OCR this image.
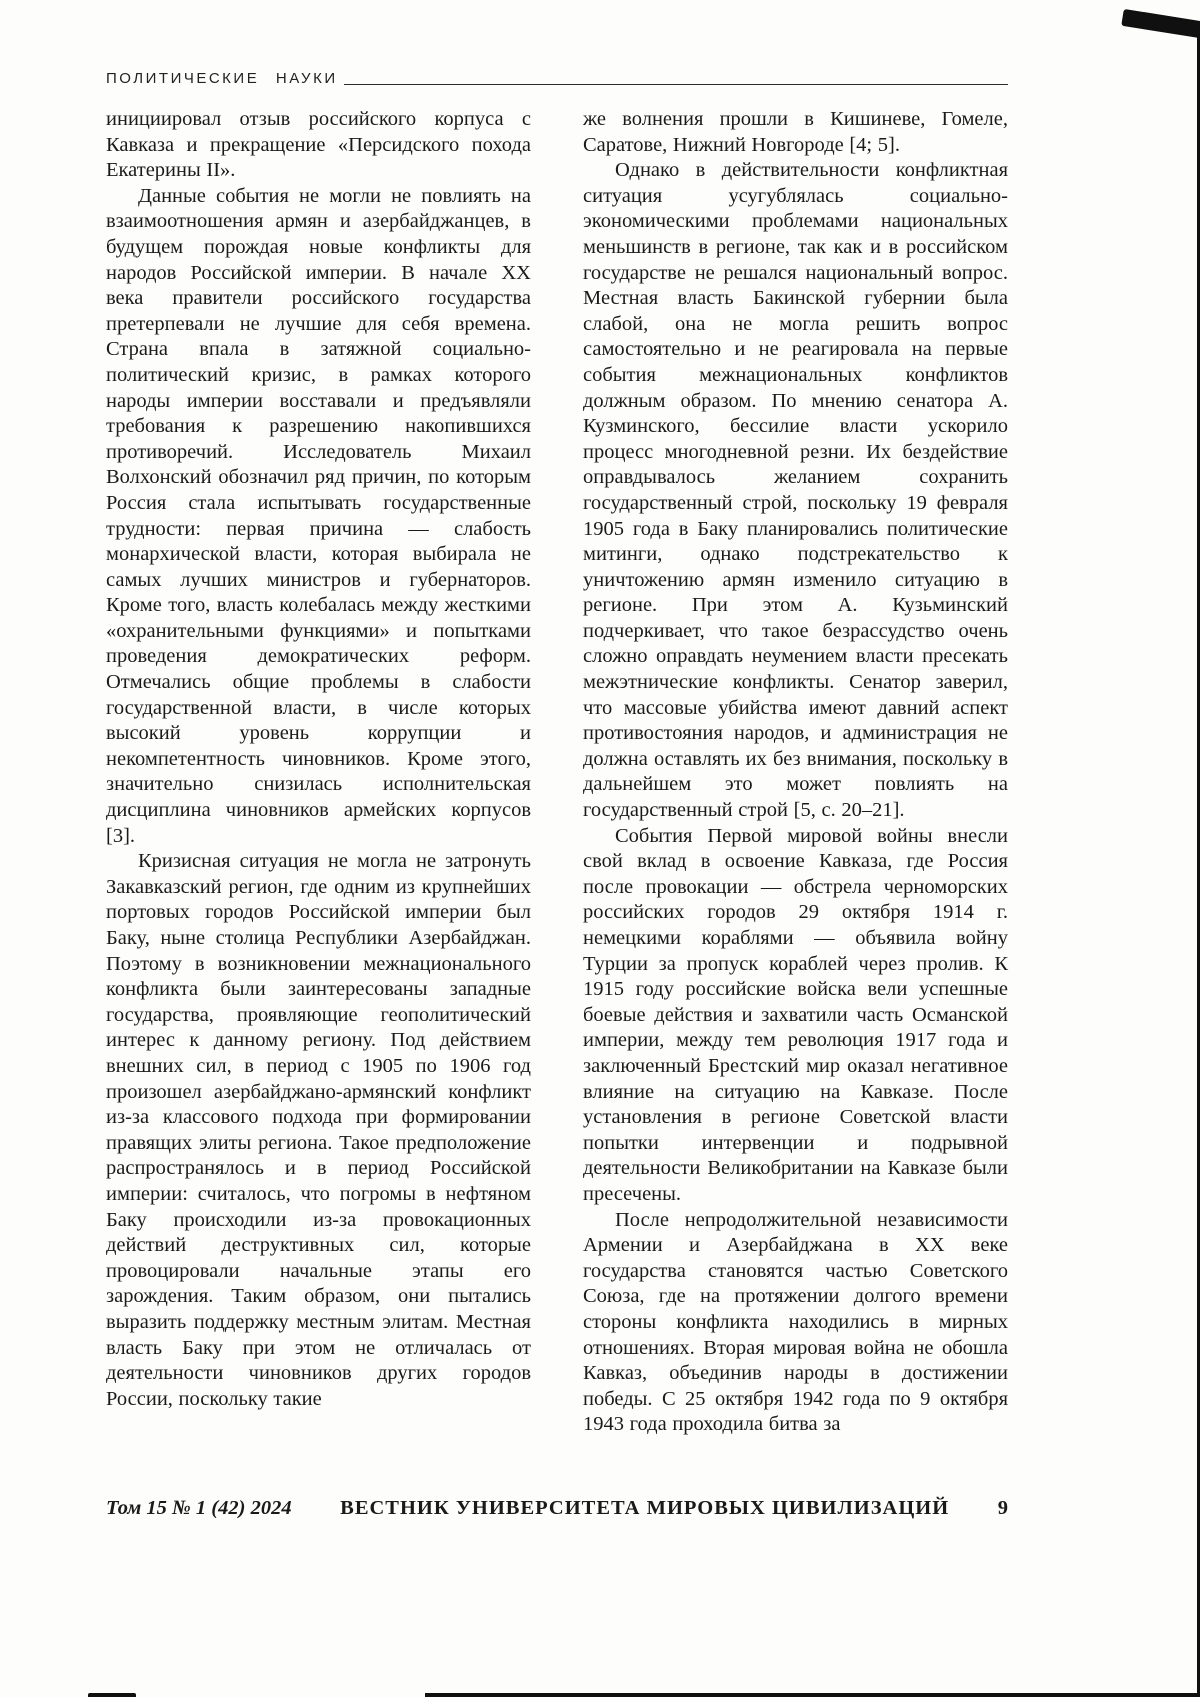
ПОЛИТИЧЕСКИЕ НАУКИ

инициировал отзыв российского корпуса с Кавказа и прекращение «Персидского похода Екатерины II».

Данные события не могли не повлиять на взаимоотношения армян и азербайджанцев, в будущем порождая новые конфликты для народов Российской империи. В начале XX века правители российского государства претерпевали не лучшие для себя времена. Страна впала в затяжной социально-политический кризис, в рамках которого народы империи восставали и предъявляли требования к разрешению накопившихся противоречий. Исследователь Михаил Волхонский обозначил ряд причин, по которым Россия стала испытывать государственные трудности: первая причина — слабость монархической власти, которая выбирала не самых лучших министров и губернаторов. Кроме того, власть колебалась между жесткими «охранительными функциями» и попытками проведения демократических реформ. Отмечались общие проблемы в слабости государственной власти, в числе которых высокий уровень коррупции и некомпетентность чиновников. Кроме этого, значительно снизилась исполнительская дисциплина чиновников армейских корпусов [3].

Кризисная ситуация не могла не затронуть Закавказский регион, где одним из крупнейших портовых городов Российской империи был Баку, ныне столица Республики Азербайджан. Поэтому в возникновении межнационального конфликта были заинтересованы западные государства, проявляющие геополитический интерес к данному региону. Под действием внешних сил, в период с 1905 по 1906 год произошел азербайджано-армянский конфликт из-за классового подхода при формировании правящих элиты региона. Такое предположение распространялось и в период Российской империи: считалось, что погромы в нефтяном Баку происходили из-за провокационных действий деструктивных сил, которые провоцировали начальные этапы его зарождения. Таким образом, они пытались выразить поддержку местным элитам. Местная власть Баку при этом не отличалась от деятельности чиновников других городов России, поскольку такие

же волнения прошли в Кишиневе, Гомеле, Саратове, Нижний Новгороде [4; 5].

Однако в действительности конфликтная ситуация усугублялась социально-экономическими проблемами национальных меньшинств в регионе, так как и в российском государстве не решался национальный вопрос. Местная власть Бакинской губернии была слабой, она не могла решить вопрос самостоятельно и не реагировала на первые события межнациональных конфликтов должным образом. По мнению сенатора А. Кузминского, бессилие власти ускорило процесс многодневной резни. Их бездействие оправдывалось желанием сохранить государственный строй, поскольку 19 февраля 1905 года в Баку планировались политические митинги, однако подстрекательство к уничтожению армян изменило ситуацию в регионе. При этом А. Кузьминский подчеркивает, что такое безрассудство очень сложно оправдать неумением власти пресекать межэтнические конфликты. Сенатор заверил, что массовые убийства имеют давний аспект противостояния народов, и администрация не должна оставлять их без внимания, поскольку в дальнейшем это может повлиять на государственный строй [5, с. 20–21].

События Первой мировой войны внесли свой вклад в освоение Кавказа, где Россия после провокации — обстрела черноморских российских городов 29 октября 1914 г. немецкими кораблями — объявила войну Турции за пропуск кораблей через пролив. К 1915 году российские войска вели успешные боевые действия и захватили часть Османской империи, между тем революция 1917 года и заключенный Брестский мир оказал негативное влияние на ситуацию на Кавказе. После установления в регионе Советской власти попытки интервенции и подрывной деятельности Великобритании на Кавказе были пресечены.

После непродолжительной независимости Армении и Азербайджана в XX веке государства становятся частью Советского Союза, где на протяжении долгого времени стороны конфликта находились в мирных отношениях. Вторая мировая война не обошла Кавказ, объединив народы в достижении победы. С 25 октября 1942 года по 9 октября 1943 года проходила битва за

Том 15 № 1 (42) 2024	ВЕСТНИК УНИВЕРСИТЕТА МИРОВЫХ ЦИВИЛИЗАЦИЙ	9
